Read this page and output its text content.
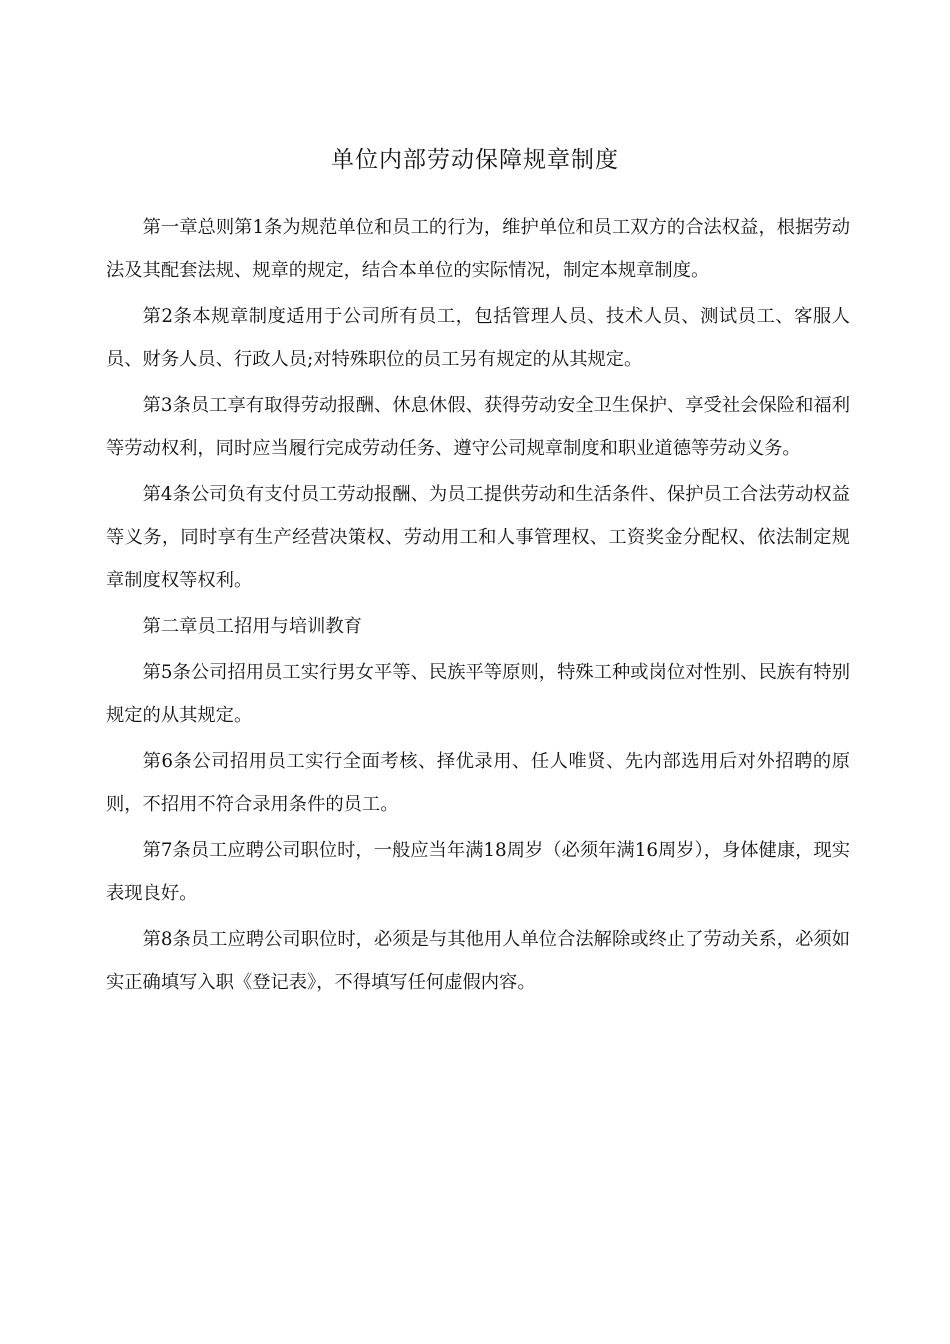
单位内部劳动保障规章制度

第一章总则第1条为规范单位和员工的行为，维护单位和员工双方的合法权益，根据劳动法及其配套法规、规章的规定，结合本单位的实际情况，制定本规章制度。

第2条本规章制度适用于公司所有员工，包括管理人员、技术人员、测试员工、客服人员、财务人员、行政人员;对特殊职位的员工另有规定的从其规定。

第3条员工享有取得劳动报酬、休息休假、获得劳动安全卫生保护、享受社会保险和福利等劳动权利，同时应当履行完成劳动任务、遵守公司规章制度和职业道德等劳动义务。

第4条公司负有支付员工劳动报酬、为员工提供劳动和生活条件、保护员工合法劳动权益等义务，同时享有生产经营决策权、劳动用工和人事管理权、工资奖金分配权、依法制定规章制度权等权利。

第二章员工招用与培训教育

第5条公司招用员工实行男女平等、民族平等原则，特殊工种或岗位对性别、民族有特别规定的从其规定。

第6条公司招用员工实行全面考核、择优录用、任人唯贤、先内部选用后对外招聘的原则，不招用不符合录用条件的员工。

第7条员工应聘公司职位时，一般应当年满18周岁（必须年满16周岁），身体健康，现实表现良好。

第8条员工应聘公司职位时，必须是与其他用人单位合法解除或终止了劳动关系，必须如实正确填写入职《登记表》，不得填写任何虚假内容。
